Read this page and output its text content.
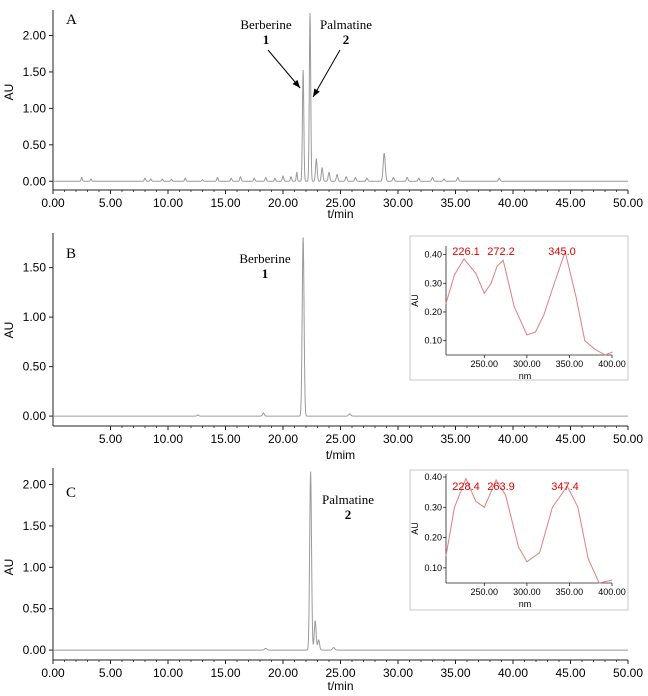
0.00	5.00	10.00 15.00 20.00 25.00 30.00 35.00 40.00 45.00 50.00
0.00
0.50
1.00
1.50
2.00
t/min
AU
A	Berberine
1
Palmatine
2
5.00	10.00 15.00 20.00 25.00 30.00 35.00 40.00 45.00 50.00
0.00
0.50
1.00
1.50
t/mim
AU
B	Berberine
1
250.00 300.00 350.00 400.00
0.10
0.20
0.30
0.40
nm
AU
226.1 272.2	345.0
0.00	5.00	10.00 15.00 20.00 25.00 30.00 35.00 40.00 45.00 50.00
0.00
0.50
1.00
1.50
2.00
t/min
AU
C	Palmatine
2
250.00 300.00 350.00 400.00
0.10
0.20
0.30
0.40
nm
AU
228.4 263.9	347.4
